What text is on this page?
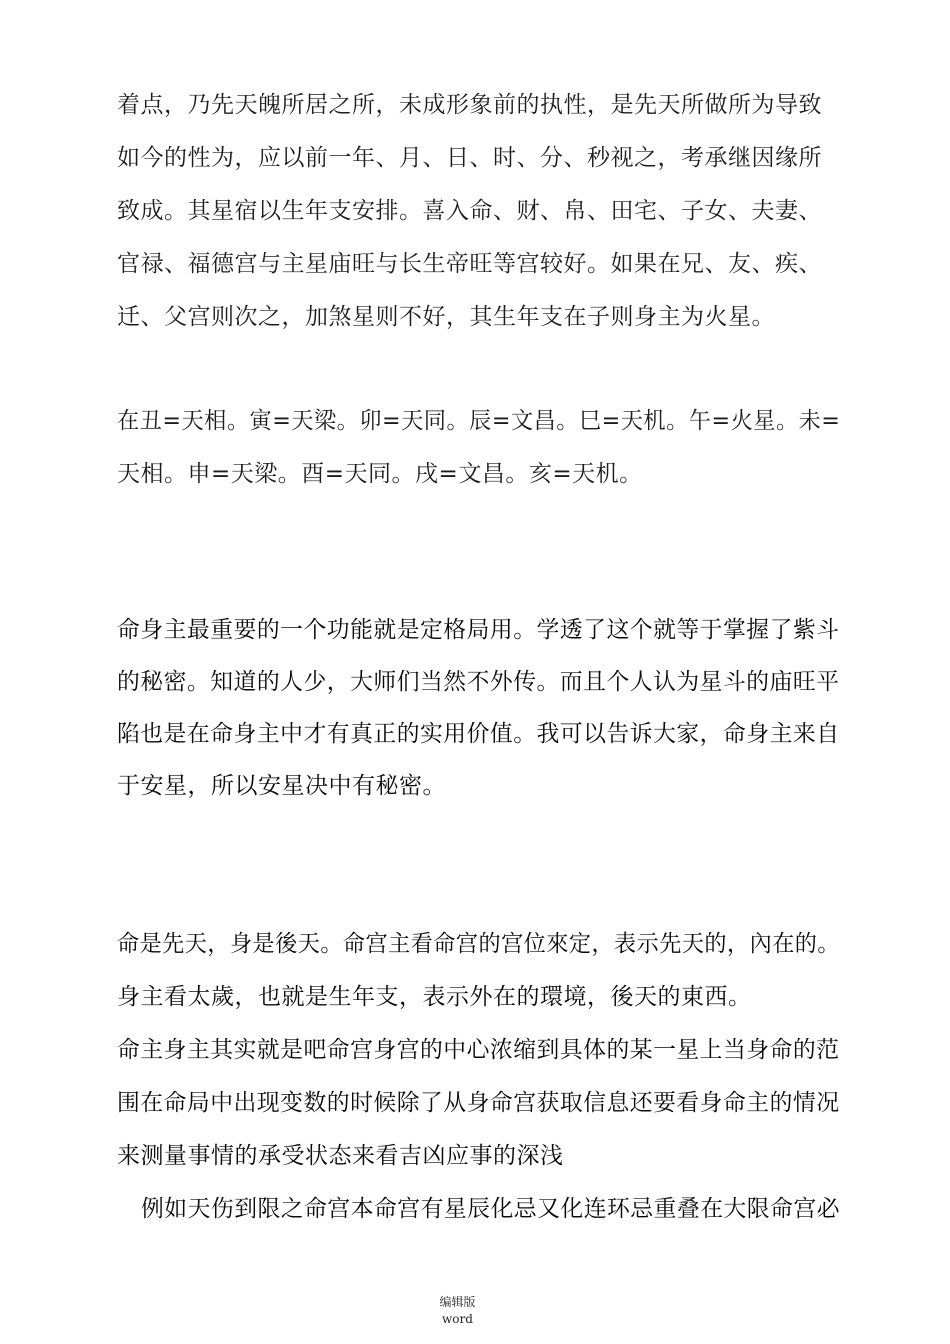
着点，乃先天魄所居之所，未成形象前的执性，是先天所做所为导致
如今的性为，应以前一年、月、日、时、分、秒视之，考承继因缘所
致成。其星宿以生年支安排。喜入命、财、帛、田宅、子女、夫妻、
官禄、福德宫与主星庙旺与长生帝旺等宫较好。如果在兄、友、疾、
迁、父宫则次之，加煞星则不好，其生年支在子则身主为火星。
在丑=天相。寅=天梁。卯=天同。辰=文昌。巳=天机。午=火星。未=
天相。申=天梁。酉=天同。戌=文昌。亥=天机。
命身主最重要的一个功能就是定格局用。学透了这个就等于掌握了紫斗
的秘密。知道的人少，大师们当然不外传。而且个人认为星斗的庙旺平
陷也是在命身主中才有真正的实用价值。我可以告诉大家，命身主来自
于安星，所以安星决中有秘密。
命是先天，身是後天。命宫主看命宫的宫位來定，表示先天的，內在的。
身主看太歲，也就是生年支，表示外在的環境，後天的東西。
命主身主其实就是吧命宫身宫的中心浓缩到具体的某一星上当身命的范
围在命局中出现变数的时候除了从身命宫获取信息还要看身命主的情况
来测量事情的承受状态来看吉凶应事的深浅
例如天伤到限之命宫本命宫有星辰化忌又化连环忌重叠在大限命宫必
编辑版
word
